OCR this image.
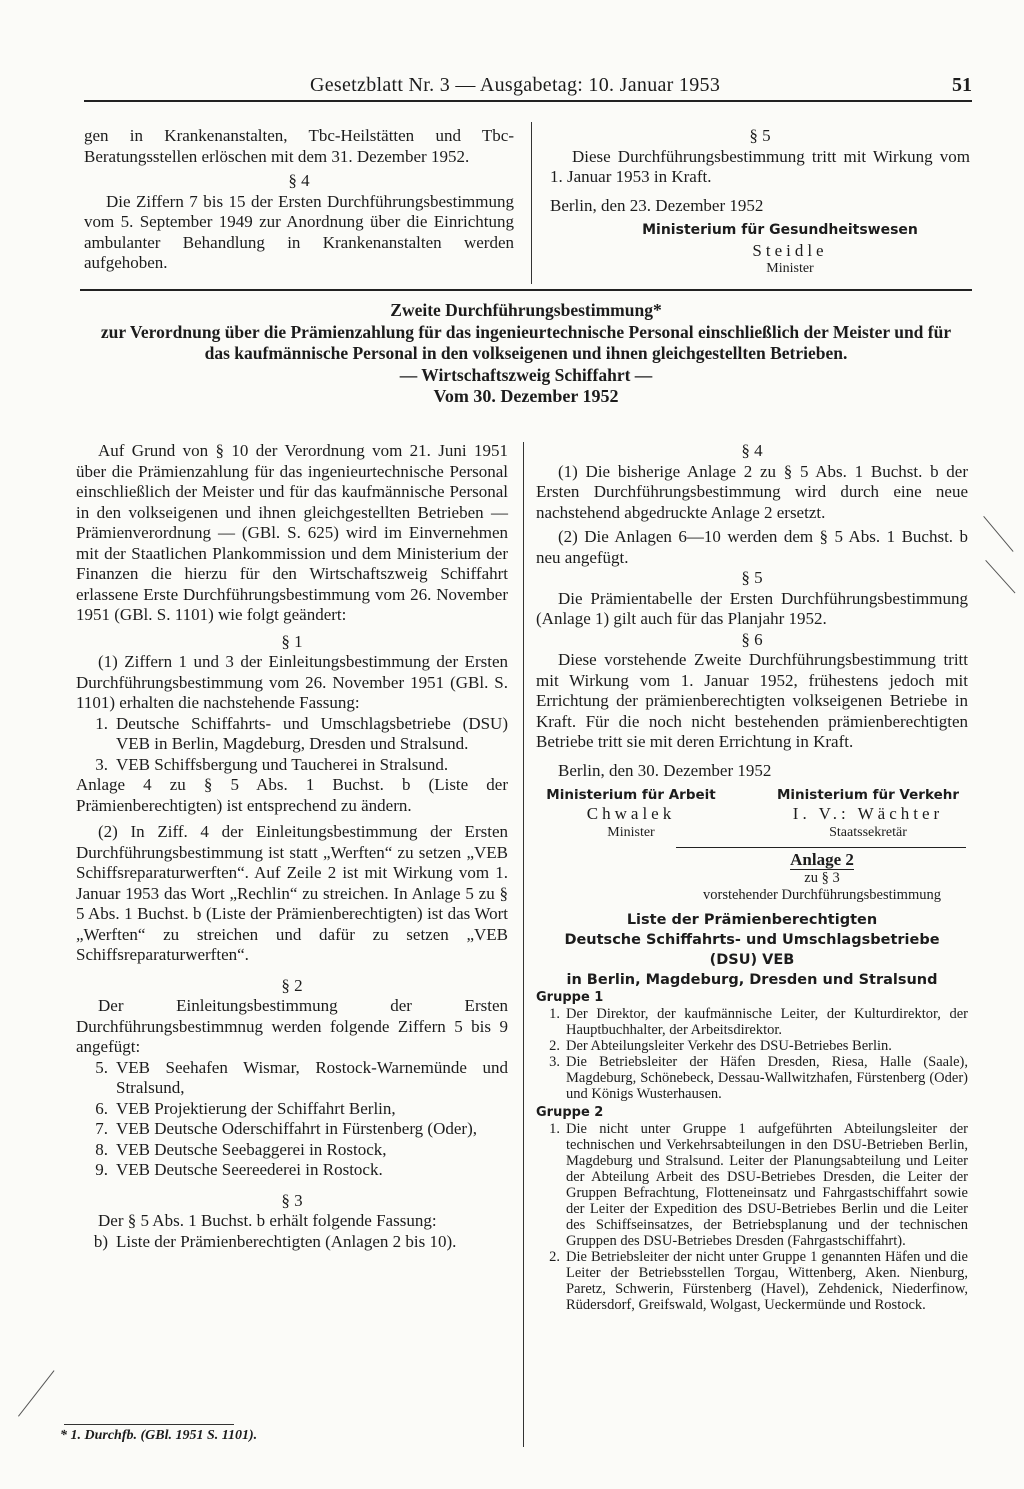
Gesetzblatt Nr. 3 — Ausgabetag: 10. Januar 1953	51

gen in Krankenanstalten, Tbc-Heilstätten und Tbc-Beratungsstellen erlöschen mit dem 31. Dezember 1952.

§ 4

Die Ziffern 7 bis 15 der Ersten Durchführungsbestimmung vom 5. September 1949 zur Anordnung über die Einrichtung ambulanter Behandlung in Krankenanstalten werden aufgehoben.

§ 5

Diese Durchführungsbestimmung tritt mit Wirkung vom 1. Januar 1953 in Kraft.

Berlin, den 23. Dezember 1952

Ministerium für Gesundheitswesen

Steidle

Minister

Zweite Durchführungsbestimmung*
zur Verordnung über die Prämienzahlung für das ingenieurtechnische Personal einschließlich der Meister und für das kaufmännische Personal in den volkseigenen und ihnen gleichgestellten Betrieben.
— Wirtschaftszweig Schiffahrt —
Vom 30. Dezember 1952

Auf Grund von § 10 der Verordnung vom 21. Juni 1951 über die Prämienzahlung für das ingenieurtechnische Personal einschließlich der Meister und für das kaufmännische Personal in den volkseigenen und ihnen gleichgestellten Betrieben — Prämienverordnung — (GBl. S. 625) wird im Einvernehmen mit der Staatlichen Plankommission und dem Ministerium der Finanzen die hierzu für den Wirtschaftszweig Schiffahrt erlassene Erste Durchführungsbestimmung vom 26. November 1951 (GBl. S. 1101) wie folgt geändert:

§ 1

(1) Ziffern 1 und 3 der Einleitungsbestimmung der Ersten Durchführungsbestimmung vom 26. November 1951 (GBl. S. 1101) erhalten die nachstehende Fassung:

1. Deutsche Schiffahrts- und Umschlagsbetriebe (DSU) VEB in Berlin, Magdeburg, Dresden und Stralsund.
3. VEB Schiffsbergung und Taucherei in Stralsund.

Anlage 4 zu § 5 Abs. 1 Buchst. b (Liste der Prämienberechtigten) ist entsprechend zu ändern.

(2) In Ziff. 4 der Einleitungsbestimmung der Ersten Durchführungsbestimmung ist statt „Werften“ zu setzen „VEB Schiffsreparaturwerften“. Auf Zeile 2 ist mit Wirkung vom 1. Januar 1953 das Wort „Rechlin“ zu streichen. In Anlage 5 zu § 5 Abs. 1 Buchst. b (Liste der Prämienberechtigten) ist das Wort „Werften“ zu streichen und dafür zu setzen „VEB Schiffsreparaturwerften“.

§ 2

Der Einleitungsbestimmung der Ersten Durchführungsbestimmnug werden folgende Ziffern 5 bis 9 angefügt:

5. VEB Seehafen Wismar, Rostock-Warnemünde und Stralsund,
6. VEB Projektierung der Schiffahrt Berlin,
7. VEB Deutsche Oderschiffahrt in Fürstenberg (Oder),
8. VEB Deutsche Seebaggerei in Rostock,
9. VEB Deutsche Seereederei in Rostock.

§ 3

Der § 5 Abs. 1 Buchst. b erhält folgende Fassung:

b) Liste der Prämienberechtigten (Anlagen 2 bis 10).
* 1. Durchfb. (GBl. 1951 S. 1101).

§ 4

(1) Die bisherige Anlage 2 zu § 5 Abs. 1 Buchst. b der Ersten Durchführungsbestimmung wird durch eine neue nachstehend abgedruckte Anlage 2 ersetzt.

(2) Die Anlagen 6—10 werden dem § 5 Abs. 1 Buchst. b neu angefügt.

§ 5

Die Prämientabelle der Ersten Durchführungsbestimmung (Anlage 1) gilt auch für das Planjahr 1952.

§ 6

Diese vorstehende Zweite Durchführungsbestimmung tritt mit Wirkung vom 1. Januar 1952, frühestens jedoch mit Errichtung der prämienberechtigten volkseigenen Betriebe in Kraft. Für die noch nicht bestehenden prämienberechtigten Betriebe tritt sie mit deren Errichtung in Kraft.

Berlin, den 30. Dezember 1952

Ministerium für Arbeit
Chwalek
Minister
Ministerium für Verkehr
I. V.: Wächter
Staatssekretär
Anlage 2
zu § 3
vorstehender Durchführungsbestimmung
Liste der Prämienberechtigten
Deutsche Schiffahrts- und Umschlagsbetriebe
(DSU) VEB
in Berlin, Magdeburg, Dresden und Stralsund
Gruppe 1
1. Der Direktor, der kaufmännische Leiter, der Kulturdirektor, der Hauptbuchhalter, der Arbeitsdirektor.
2. Der Abteilungsleiter Verkehr des DSU-Betriebes Berlin.
3. Die Betriebsleiter der Häfen Dresden, Riesa, Halle (Saale), Magdeburg, Schönebeck, Dessau-Wallwitzhafen, Fürstenberg (Oder) und Königs Wusterhausen.
Gruppe 2
1. Die nicht unter Gruppe 1 aufgeführten Abteilungsleiter der technischen und Verkehrsabteilungen in den DSU-Betrieben Berlin, Magdeburg und Stralsund. Leiter der Planungsabteilung und Leiter der Abteilung Arbeit des DSU-Betriebes Dresden, die Leiter der Gruppen Befrachtung, Flotteneinsatz und Fahrgastschiffahrt sowie der Leiter der Expedition des DSU-Betriebes Berlin und die Leiter des Schiffseinsatzes, der Betriebsplanung und der technischen Gruppen des DSU-Betriebes Dresden (Fahrgastschiffahrt).
2. Die Betriebsleiter der nicht unter Gruppe 1 genannten Häfen und die Leiter der Betriebsstellen Torgau, Wittenberg, Aken. Nienburg, Paretz, Schwerin, Fürstenberg (Havel), Zehdenick, Niederfinow, Rüdersdorf, Greifswald, Wolgast, Ueckermünde und Rostock.
